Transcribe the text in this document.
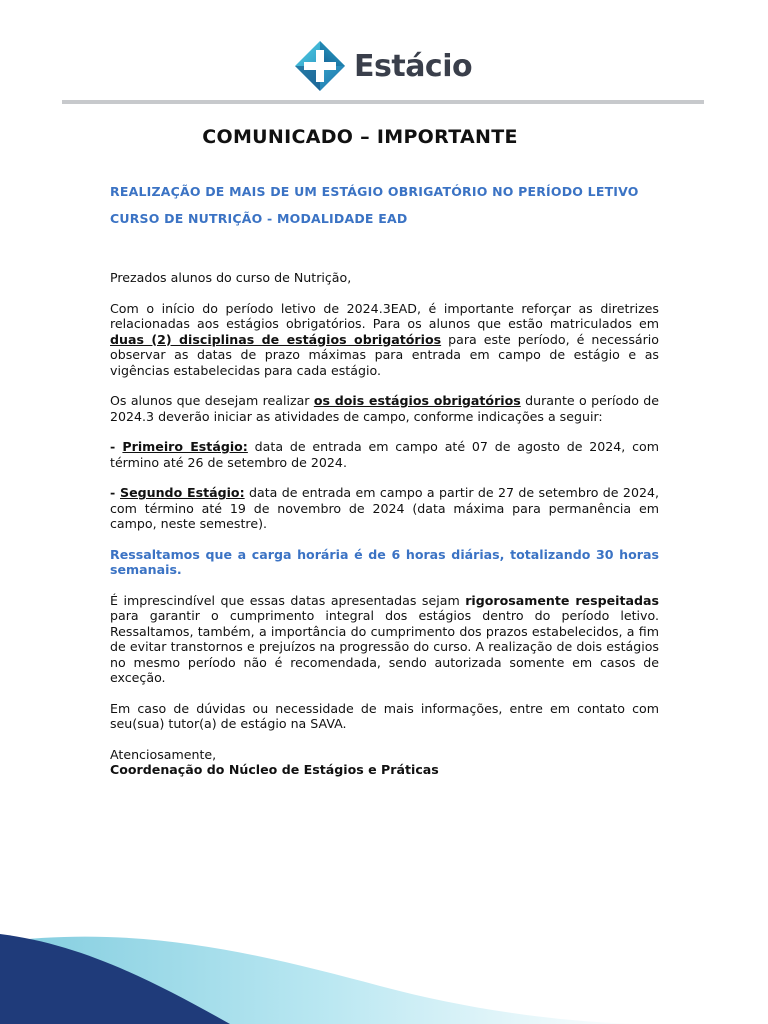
Estácio
COMUNICADO – IMPORTANTE
REALIZAÇÃO DE MAIS DE UM ESTÁGIO OBRIGATÓRIO NO PERÍODO LETIVO
CURSO DE NUTRIÇÃO - MODALIDADE EAD

Prezados alunos do curso de Nutrição,

Com o início do período letivo de 2024.3EAD, é importante reforçar as diretrizes relacionadas aos estágios obrigatórios. Para os alunos que estão matriculados em duas (2) disciplinas de estágios obrigatórios para este período, é necessário observar as datas de prazo máximas para entrada em campo de estágio e as vigências estabelecidas para cada estágio.

Os alunos que desejam realizar os dois estágios obrigatórios durante o período de 2024.3 deverão iniciar as atividades de campo, conforme indicações a seguir:

- Primeiro Estágio: data de entrada em campo até 07 de agosto de 2024, com término até 26 de setembro de 2024.

- Segundo Estágio: data de entrada em campo a partir de 27 de setembro de 2024, com término até 19 de novembro de 2024 (data máxima para permanência em campo, neste semestre).

Ressaltamos que a carga horária é de 6 horas diárias, totalizando 30 horas semanais.

É imprescindível que essas datas apresentadas sejam rigorosamente respeitadas para garantir o cumprimento integral dos estágios dentro do período letivo. Ressaltamos, também, a importância do cumprimento dos prazos estabelecidos, a fim de evitar transtornos e prejuízos na progressão do curso. A realização de dois estágios no mesmo período não é recomendada, sendo autorizada somente em casos de exceção.

Em caso de dúvidas ou necessidade de mais informações, entre em contato com seu(sua) tutor(a) de estágio na SAVA.

Atenciosamente,
Coordenação do Núcleo de Estágios e Práticas
